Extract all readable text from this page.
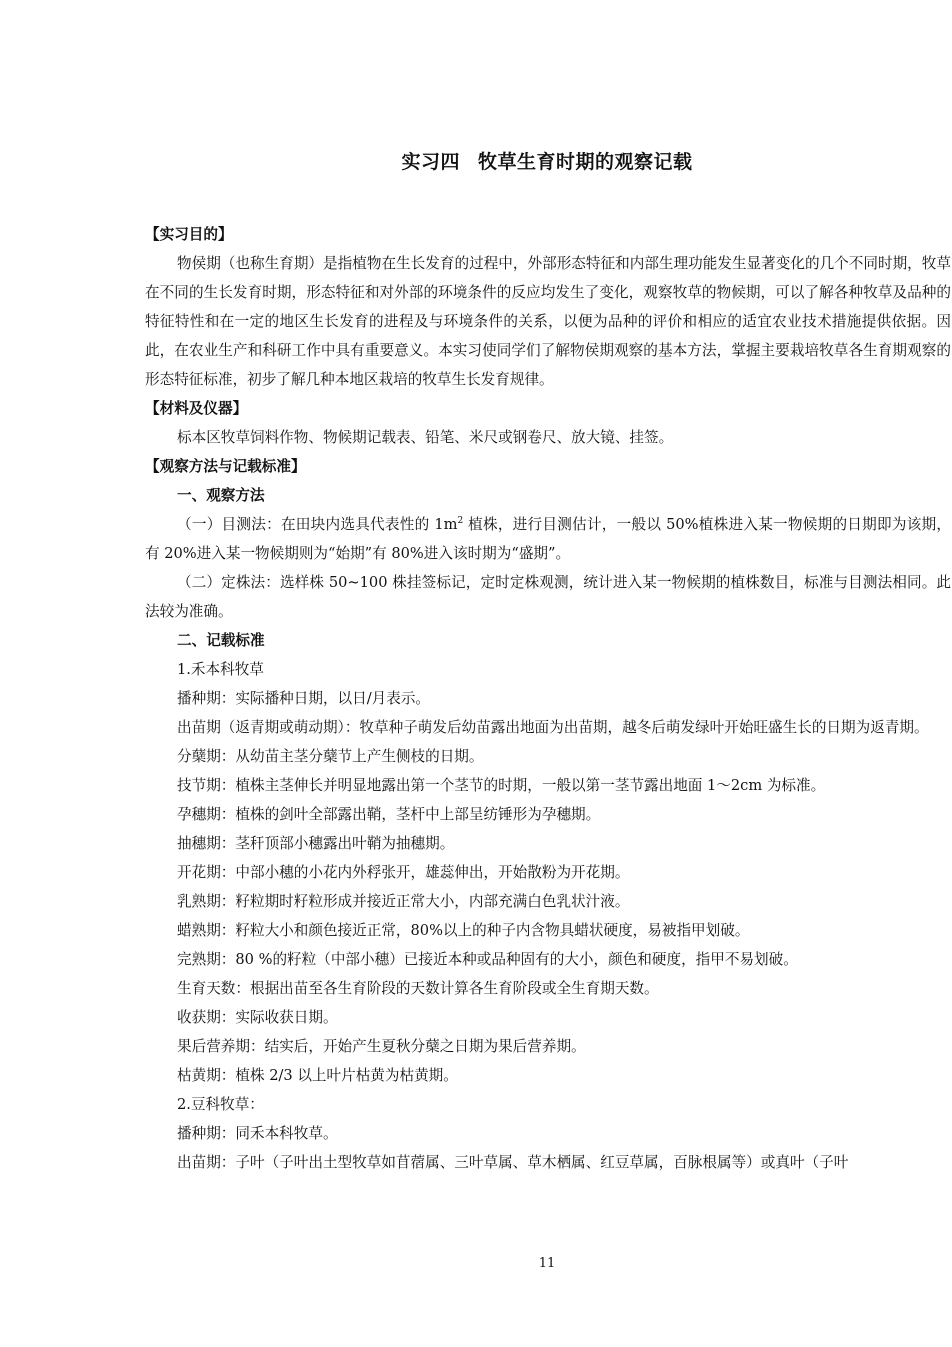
实习四 牧草生育时期的观察记载
【实习目的】
物侯期（也称生育期）是指植物在生长发育的过程中，外部形态特征和内部生理功能发生显著变化的几个不同时期，牧草在不同的生长发育时期，形态特征和对外部的环境条件的反应均发生了变化，观察牧草的物候期，可以了解各种牧草及品种的特征特性和在一定的地区生长发育的进程及与环境条件的关系，以便为品种的评价和相应的适宜农业技术措施提供依据。因此，在农业生产和科研工作中具有重要意义。本实习使同学们了解物侯期观察的基本方法，掌握主要栽培牧草各生育期观察的形态特征标准，初步了解几种本地区栽培的牧草生长发育规律。
【材料及仪器】
标本区牧草饲料作物、物候期记载表、铅笔、米尺或钢卷尺、放大镜、挂签。
【观察方法与记载标准】
一、观察方法
（一）目测法：在田块内选具代表性的 $1m^2$ 植株，进行目测估计，一般以 50%植株进入某一物候期的日期即为该期，有 20%进入某一物候期则为“始期”有 80%进入该时期为“盛期”。
（二）定株法：选样株 50~100 株挂签标记，定时定株观测，统计进入某一物候期的植株数目，标准与目测法相同。此法较为准确。
二、记载标准
1.禾本科牧草
播种期：实际播种日期，以日/月表示。
出苗期（返青期或萌动期）：牧草种子萌发后幼苗露出地面为出苗期，越冬后萌发绿叶开始旺盛生长的日期为返青期。
分蘖期：从幼苗主茎分蘖节上产生侧枝的日期。
技节期：植株主茎伸长并明显地露出第一个茎节的时期，一般以第一茎节露出地面 1～2cm 为标准。
孕穗期：植株的剑叶全部露出鞘，茎杆中上部呈纺锤形为孕穗期。
抽穗期：茎秆顶部小穗露出叶鞘为抽穗期。
开花期：中部小穗的小花内外稃张开，雄蕊伸出，开始散粉为开花期。
乳熟期：籽粒期时籽粒形成并接近正常大小，内部充满白色乳状汁液。
蜡熟期：籽粒大小和颜色接近正常，80%以上的种子内含物具蜡状硬度，易被指甲划破。
完熟期：80 %的籽粒（中部小穗）已接近本种或品种固有的大小，颜色和硬度，指甲不易划破。
生育天数：根据出苗至各生育阶段的天数计算各生育阶段或全生育期天数。
收获期：实际收获日期。
果后营养期：结实后，开始产生夏秋分蘖之日期为果后营养期。
枯黄期：植株 2/3 以上叶片枯黄为枯黄期。
2.豆科牧草：
播种期：同禾本科牧草。
出苗期：子叶（子叶出土型牧草如苜蓿属、三叶草属、草木栖属、红豆草属，百脉根属等）或真叶（子叶
11
